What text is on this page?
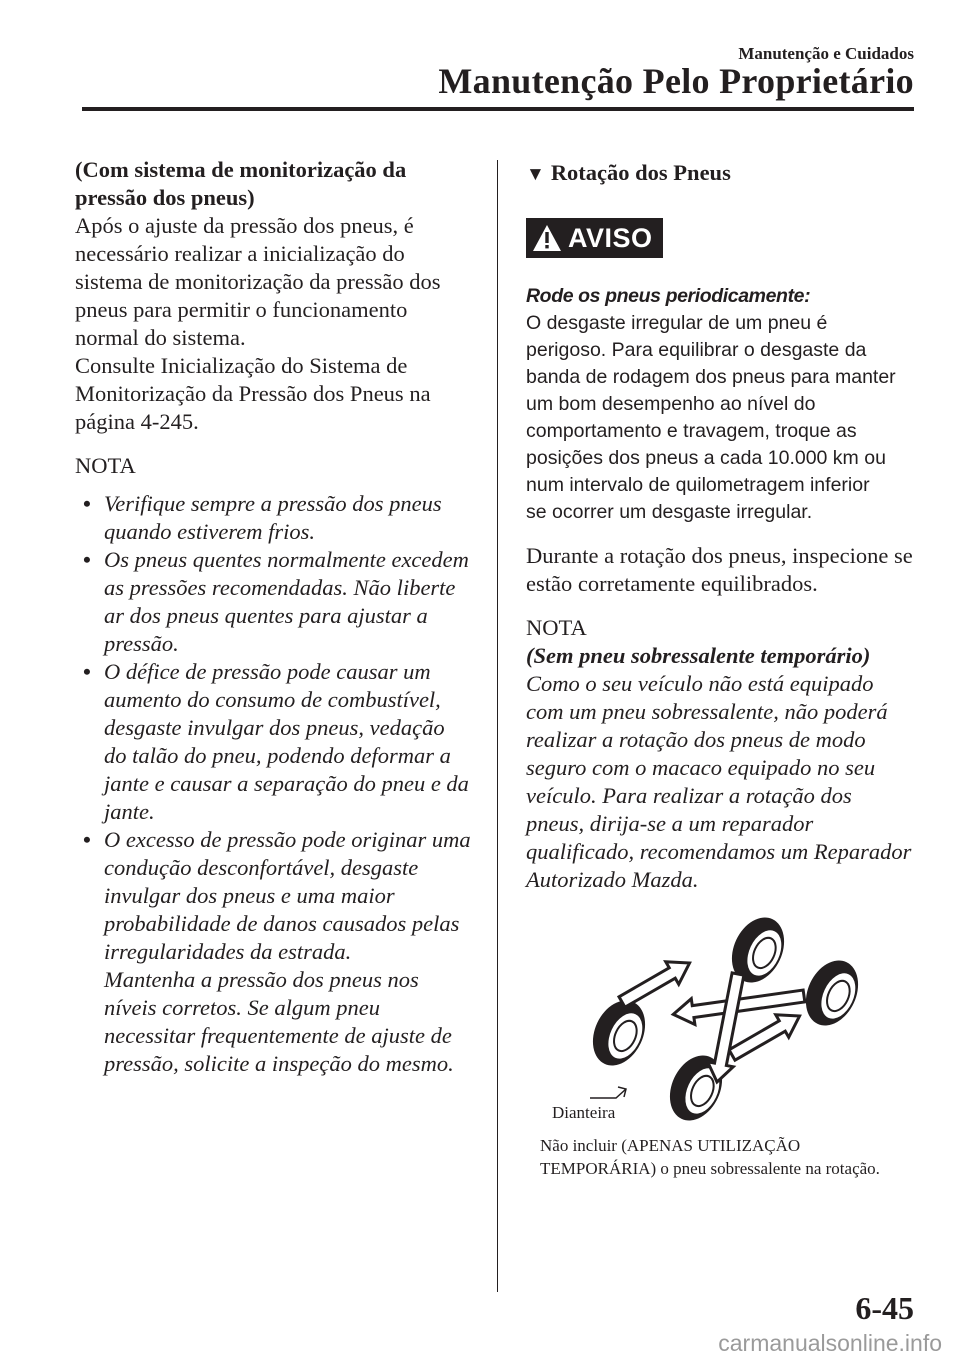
Manutenção e Cuidados
Manutenção Pelo Proprietário
(Com sistema de monitorização da
pressão dos pneus)
Após o ajuste da pressão dos pneus, é
necessário realizar a inicialização do
sistema de monitorização da pressão dos
pneus para permitir o funcionamento
normal do sistema.
Consulte Inicialização do Sistema de
Monitorização da Pressão dos Pneus na
página 4-245.
NOTA
• Verifique sempre a pressão dos pneus
quando estiverem frios.
• Os pneus quentes normalmente excedem
as pressões recomendadas. Não liberte
ar dos pneus quentes para ajustar a
pressão.
• O défice de pressão pode causar um
aumento do consumo de combustível,
desgaste invulgar dos pneus, vedação
do talão do pneu, podendo deformar a
jante e causar a separação do pneu e da
jante.
• O excesso de pressão pode originar uma
condução desconfortável, desgaste
invulgar dos pneus e uma maior
probabilidade de danos causados pelas
irregularidades da estrada.
Mantenha a pressão dos pneus nos
níveis corretos. Se algum pneu
necessitar frequentemente de ajuste de
pressão, solicite a inspeção do mesmo.
▼ Rotação dos Pneus
AVISO
Rode os pneus periodicamente:
O desgaste irregular de um pneu é
perigoso. Para equilibrar o desgaste da
banda de rodagem dos pneus para manter
um bom desempenho ao nível do
comportamento e travagem, troque as
posições dos pneus a cada 10.000 km ou
num intervalo de quilometragem inferior
se ocorrer um desgaste irregular.
Durante a rotação dos pneus, inspecione se
estão corretamente equilibrados.
NOTA
(Sem pneu sobressalente temporário)
Como o seu veículo não está equipado
com um pneu sobressalente, não poderá
realizar a rotação dos pneus de modo
seguro com o macaco equipado no seu
veículo. Para realizar a rotação dos
pneus, dirija-se a um reparador
qualificado, recomendamos um Reparador
Autorizado Mazda.
Dianteira
Não incluir (APENAS UTILIZAÇÃO
TEMPORÁRIA) o pneu sobressalente na rotação.
6-45
carmanualsonline.info
